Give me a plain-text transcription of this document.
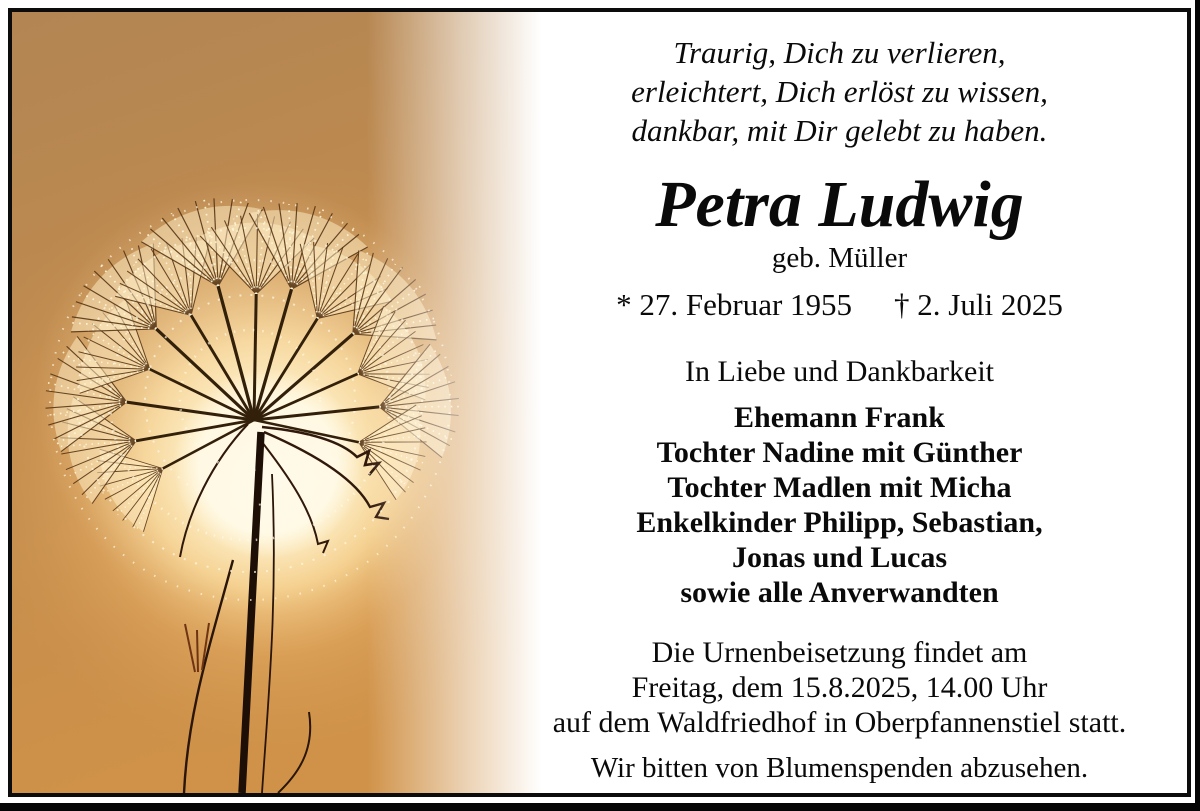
Traurig, Dich zu verlieren,
erleichtert, Dich erlöst zu wissen,
dankbar, mit Dir gelebt zu haben.
Petra Ludwig
geb. Müller
* 27. Februar 1955 † 2. Juli 2025
In Liebe und Dankbarkeit
Ehemann Frank
Tochter Nadine mit Günther
Tochter Madlen mit Micha
Enkelkinder Philipp, Sebastian,
Jonas und Lucas
sowie alle Anverwandten
Die Urnenbeisetzung findet am
Freitag, dem 15.8.2025, 14.00 Uhr
auf dem Waldfriedhof in Oberpfannenstiel statt.
Wir bitten von Blumenspenden abzusehen.
